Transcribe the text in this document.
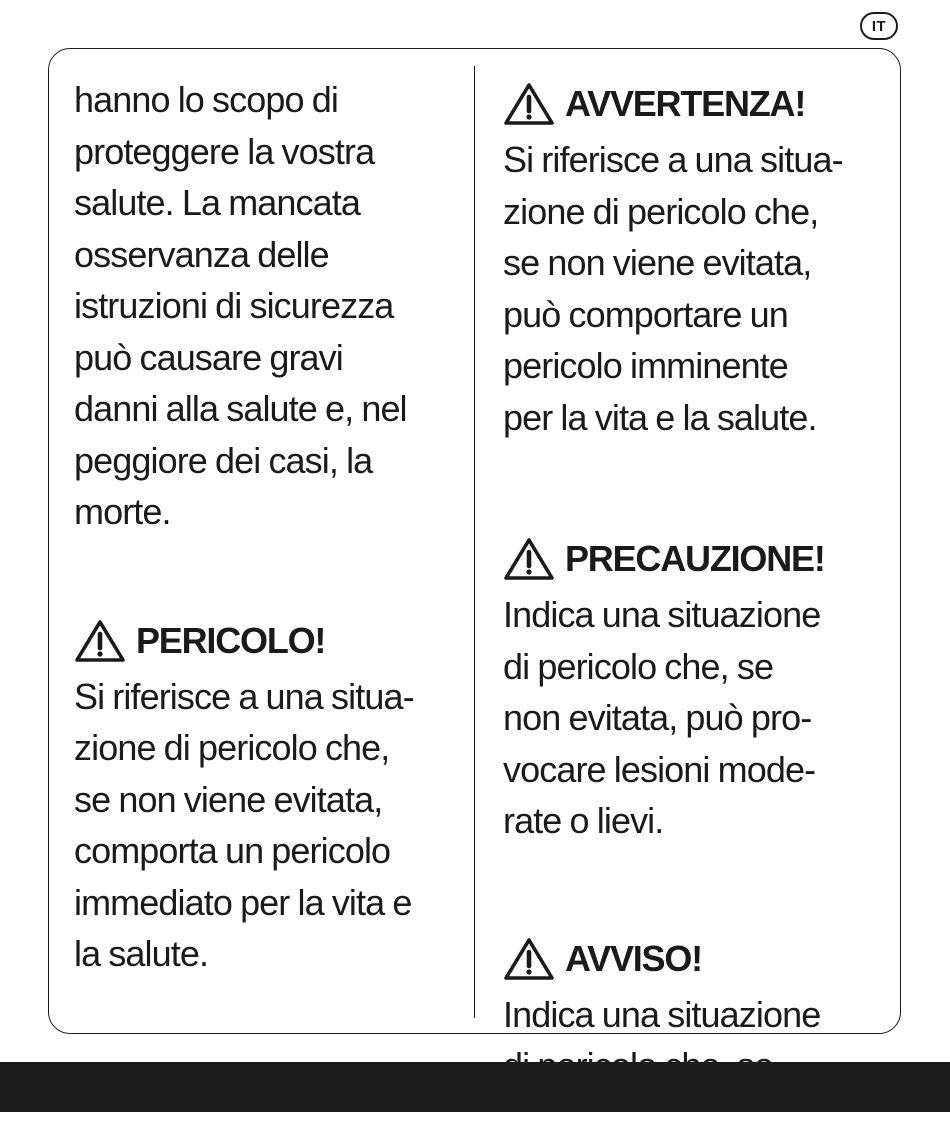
IT
hanno lo scopo di
proteggere la vostra
salute. La mancata
osservanza delle
istruzioni di sicurezza
può causare gravi
danni alla salute e, nel
peggiore dei casi, la
morte.
PERICOLO!
Si riferisce a una situa-
zione di pericolo che,
se non viene evitata,
comporta un pericolo
immediato per la vita e
la salute.
AVVERTENZA!
Si riferisce a una situa-
zione di pericolo che,
se non viene evitata,
può comportare un
pericolo imminente
per la vita e la salute.
PRECAUZIONE!
Indica una situazione
di pericolo che, se
non evitata, può pro-
vocare lesioni mode-
rate o lievi.
AVVISO!
Indica una situazione
